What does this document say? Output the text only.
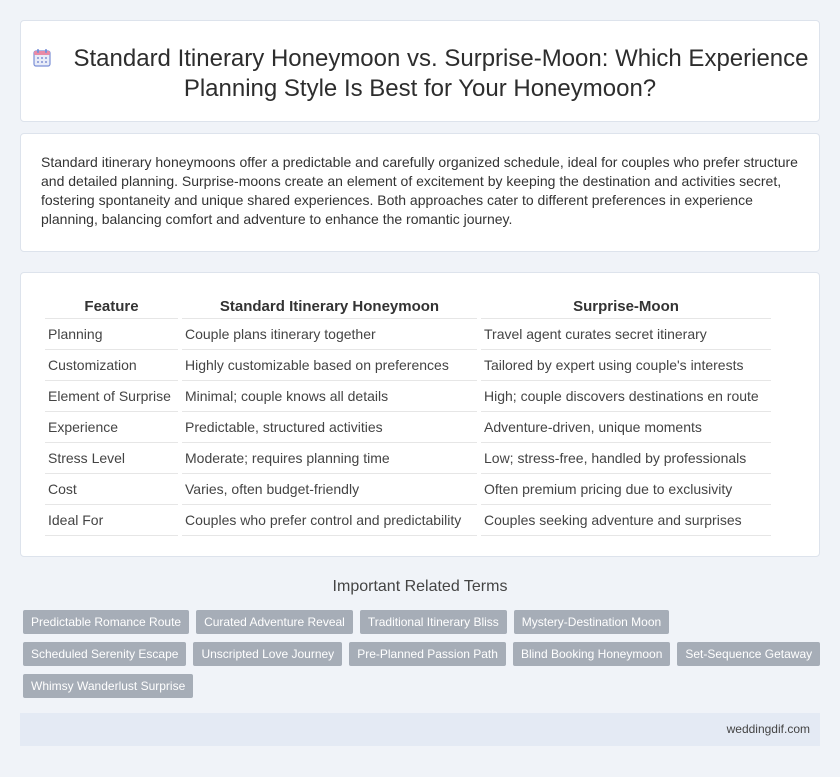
Standard Itinerary Honeymoon vs. Surprise-Moon: Which Experience Planning Style Is Best for Your Honeymoon?

Standard itinerary honeymoons offer a predictable and carefully organized schedule, ideal for couples who prefer structure and detailed planning. Surprise-moons create an element of excitement by keeping the destination and activities secret, fostering spontaneity and unique shared experiences. Both approaches cater to different preferences in experience planning, balancing comfort and adventure to enhance the romantic journey.

Feature	Standard Itinerary Honeymoon	Surprise-Moon
Planning	Couple plans itinerary together	Travel agent curates secret itinerary
Customization	Highly customizable based on preferences	Tailored by expert using couple's interests
Element of Surprise	Minimal; couple knows all details	High; couple discovers destinations en route
Experience	Predictable, structured activities	Adventure-driven, unique moments
Stress Level	Moderate; requires planning time	Low; stress-free, handled by professionals
Cost	Varies, often budget-friendly	Often premium pricing due to exclusivity
Ideal For	Couples who prefer control and predictability	Couples seeking adventure and surprises
Important Related Terms
Predictable Romance Route	Curated Adventure Reveal	Traditional Itinerary Bliss	Mystery-Destination Moon
Scheduled Serenity Escape	Unscripted Love Journey	Pre-Planned Passion Path	Blind Booking Honeymoon	Set-Sequence Getaway
Whimsy Wanderlust Surprise
weddingdif.com
